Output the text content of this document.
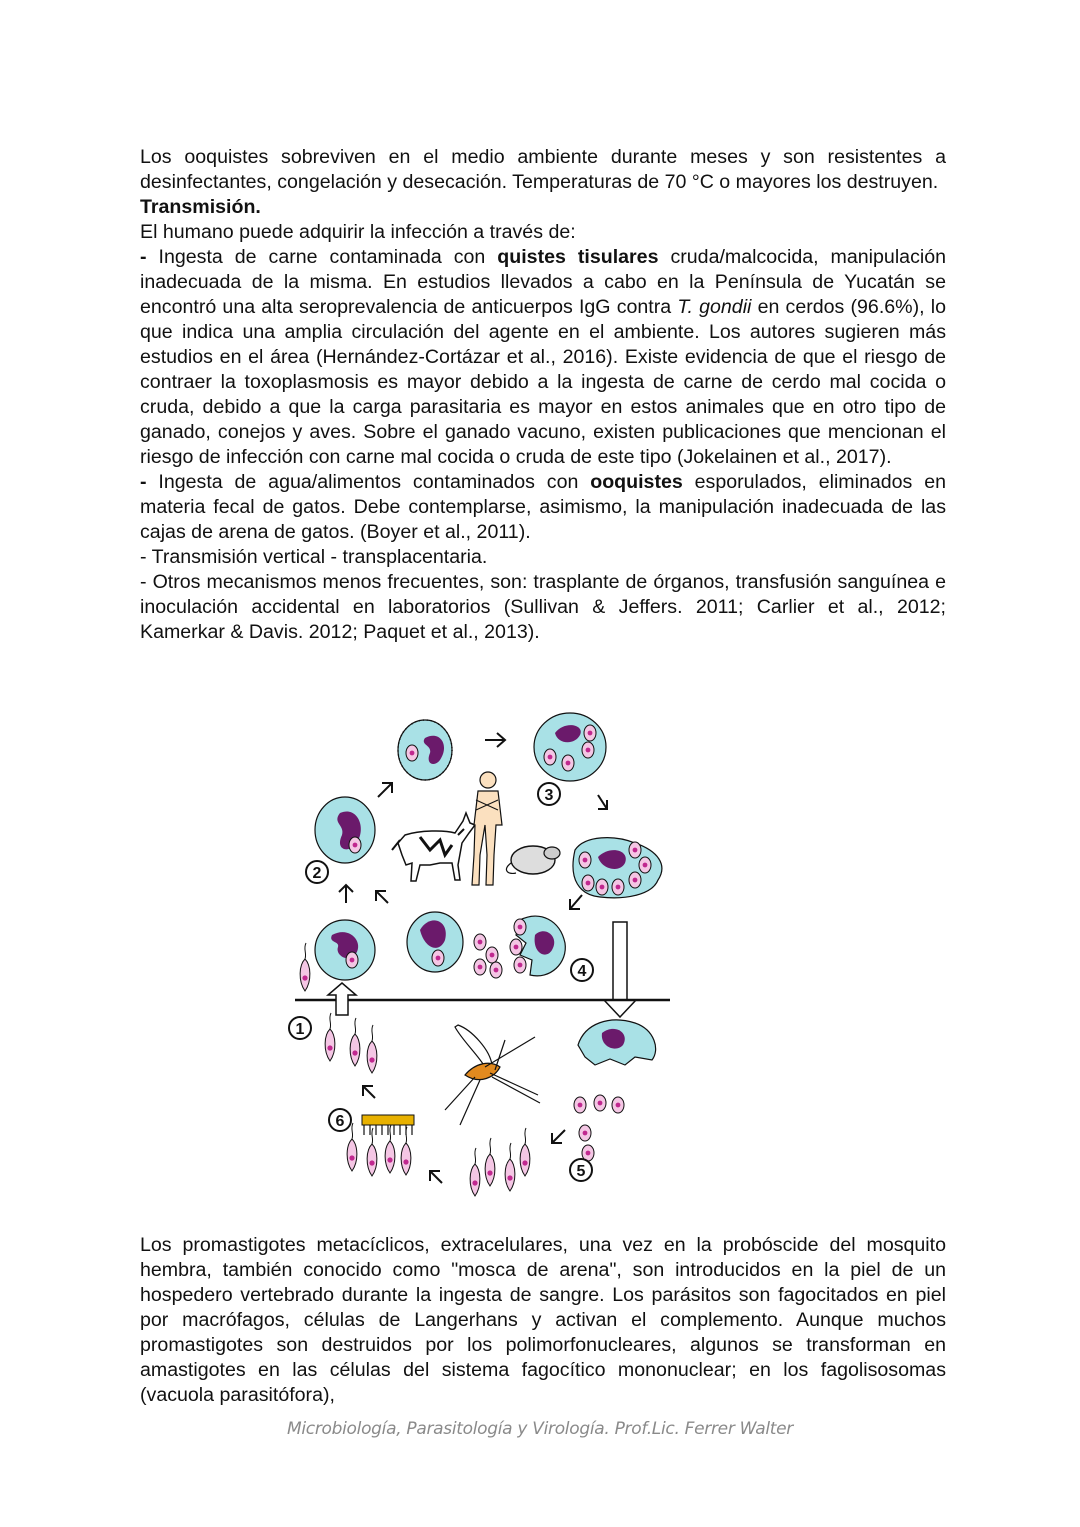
Los ooquistes sobreviven en el medio ambiente durante meses y son resistentes a desinfectantes, congelación y desecación. Temperaturas de 70 °C o mayores los destruyen.

Transmisión.

El humano puede adquirir la infección a través de:

- Ingesta de carne contaminada con quistes tisulares cruda/malcocida, manipulación inadecuada de la misma. En estudios llevados a cabo en la Península de Yucatán se encontró una alta seroprevalencia de anticuerpos IgG contra T. gondii en cerdos (96.6%), lo que indica una amplia circulación del agente en el ambiente. Los autores sugieren más estudios en el área (Hernández-Cortázar et al., 2016). Existe evidencia de que el riesgo de contraer la toxoplasmosis es mayor debido a la ingesta de carne de cerdo mal cocida o cruda, debido a que la carga parasitaria es mayor en estos animales que en otro tipo de ganado, conejos y aves. Sobre el ganado vacuno, existen publicaciones que mencionan el riesgo de infección con carne mal cocida o cruda de este tipo (Jokelainen et al., 2017).

- Ingesta de agua/alimentos contaminados con ooquistes esporulados, eliminados en materia fecal de gatos. Debe contemplarse, asimismo, la manipulación inadecuada de las cajas de arena de gatos. (Boyer et al., 2011).

- Transmisión vertical - transplacentaria.

- Otros mecanismos menos frecuentes, son: trasplante de órganos, transfusión sanguínea e inoculación accidental en laboratorios (Sullivan & Jeffers. 2011; Carlier et al., 2012; Kamerkar & Davis. 2012; Paquet et al., 2013).

3
2
4
1
5
6

Los promastigotes metacíclicos, extracelulares, una vez en la probóscide del mosquito hembra, también conocido como "mosca de arena", son introducidos en la piel de un hospedero vertebrado durante la ingesta de sangre. Los parásitos son fagocitados en piel por macrófagos, células de Langerhans y activan el complemento. Aunque muchos promastigotes son destruidos por los polimorfonucleares, algunos se transforman en amastigotes en las células del sistema fagocítico mononuclear; en los fagolisosomas (vacuola parasitófora),

Microbiología, Parasitología y Virología. Prof.Lic. Ferrer Walter
